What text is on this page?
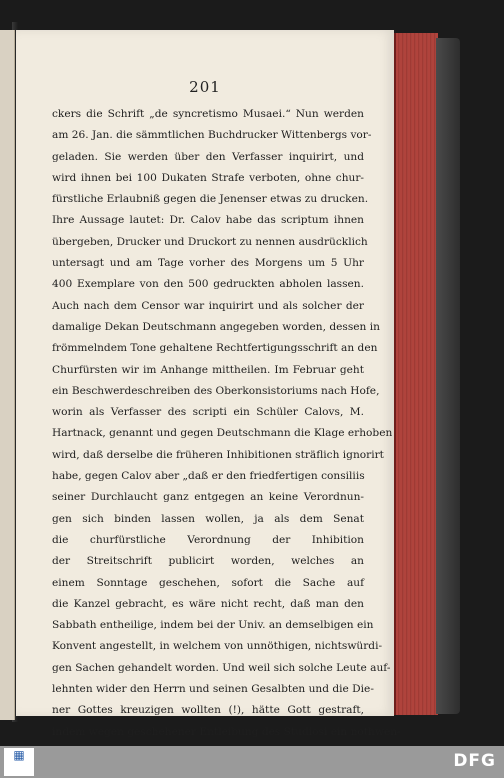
201
ckers die Schrift „de syncretismo Musaei.“ Nun werden
am 26. Jan. die sämmtlichen Buchdrucker Wittenbergs vor-
geladen. Sie werden über den Verfasser inquirirt, und
wird ihnen bei 100 Dukaten Strafe verboten, ohne chur-
fürstliche Erlaubniß gegen die Jenenser etwas zu drucken.
Ihre Aussage lautet: Dr. Calov habe das scriptum ihnen
übergeben, Drucker und Druckort zu nennen ausdrücklich
untersagt und am Tage vorher des Morgens um 5 Uhr
400 Exemplare von den 500 gedruckten abholen lassen.
Auch nach dem Censor war inquirirt und als solcher der
damalige Dekan Deutschmann angegeben worden, dessen in
frömmelndem Tone gehaltene Rechtfertigungsschrift an den
Churfürsten wir im Anhange mittheilen. Im Februar geht
ein Beschwerdeschreiben des Oberkonsistoriums nach Hofe,
worin als Verfasser des scripti ein Schüler Calovs, M.
Hartnack, genannt und gegen Deutschmann die Klage erhoben
wird, daß derselbe die früheren Inhibitionen sträflich ignorirt
habe, gegen Calov aber „daß er den friedfertigen consiliis
seiner Durchlaucht ganz entgegen an keine Verordnun-
gen sich binden lassen wollen, ja als dem Senat
die churfürstliche Verordnung der Inhibition
der Streitschrift publicirt worden, welches an
einem Sonntage geschehen, sofort die Sache auf
die Kanzel gebracht, es wäre nicht recht, daß man den
Sabbath entheilige, indem bei der Univ. an demselbigen ein
Konvent angestellt, in welchem von unnöthigen, nichtswürdi-
gen Sachen gehandelt worden. Und weil sich solche Leute auf-
lehnten wider den Herrn und seinen Gesalbten und die Die-
ner Gottes kreuzigen wollten (!), hätte Gott gestraft,
indem wegen geschehener Entleibung des Studiosi ein nothwen-
▦	DFG
